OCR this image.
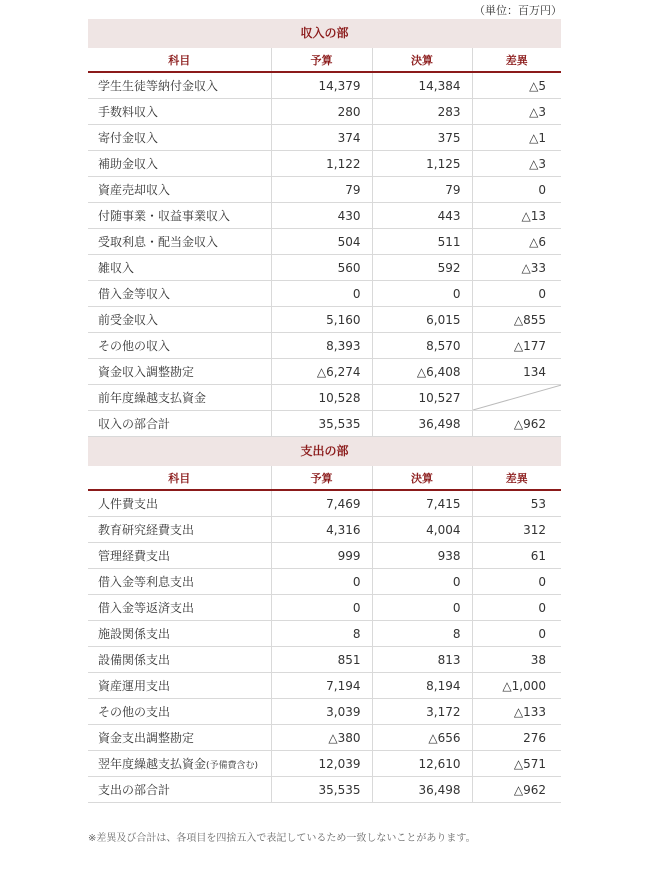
（単位：百万円）
収入の部
科目	予算	決算	差異
学生生徒等納付金収入	14,379	14,384	△5
手数料収入	280	283	△3
寄付金収入	374	375	△1
補助金収入	1,122	1,125	△3
資産売却収入	79	79	0
付随事業・収益事業収入	430	443	△13
受取利息・配当金収入	504	511	△6
雑収入	560	592	△33
借入金等収入	0	0	0
前受金収入	5,160	6,015	△855
その他の収入	8,393	8,570	△177
資金収入調整勘定	△6,274	△6,408	134
前年度繰越支払資金	10,528	10,527	

収入の部合計	35,535	36,498	△962
支出の部
科目	予算	決算	差異
人件費支出	7,469	7,415	53
教育研究経費支出	4,316	4,004	312
管理経費支出	999	938	61
借入金等利息支出	0	0	0
借入金等返済支出	0	0	0
施設関係支出	8	8	0
設備関係支出	851	813	38
資産運用支出	7,194	8,194	△1,000
その他の支出	3,039	3,172	△133
資金支出調整勘定	△380	△656	276
翌年度繰越支払資金(予備費含む)	12,039	12,610	△571
支出の部合計	35,535	36,498	△962
※差異及び合計は、各項目を四捨五入で表記しているため一致しないことがあります。
